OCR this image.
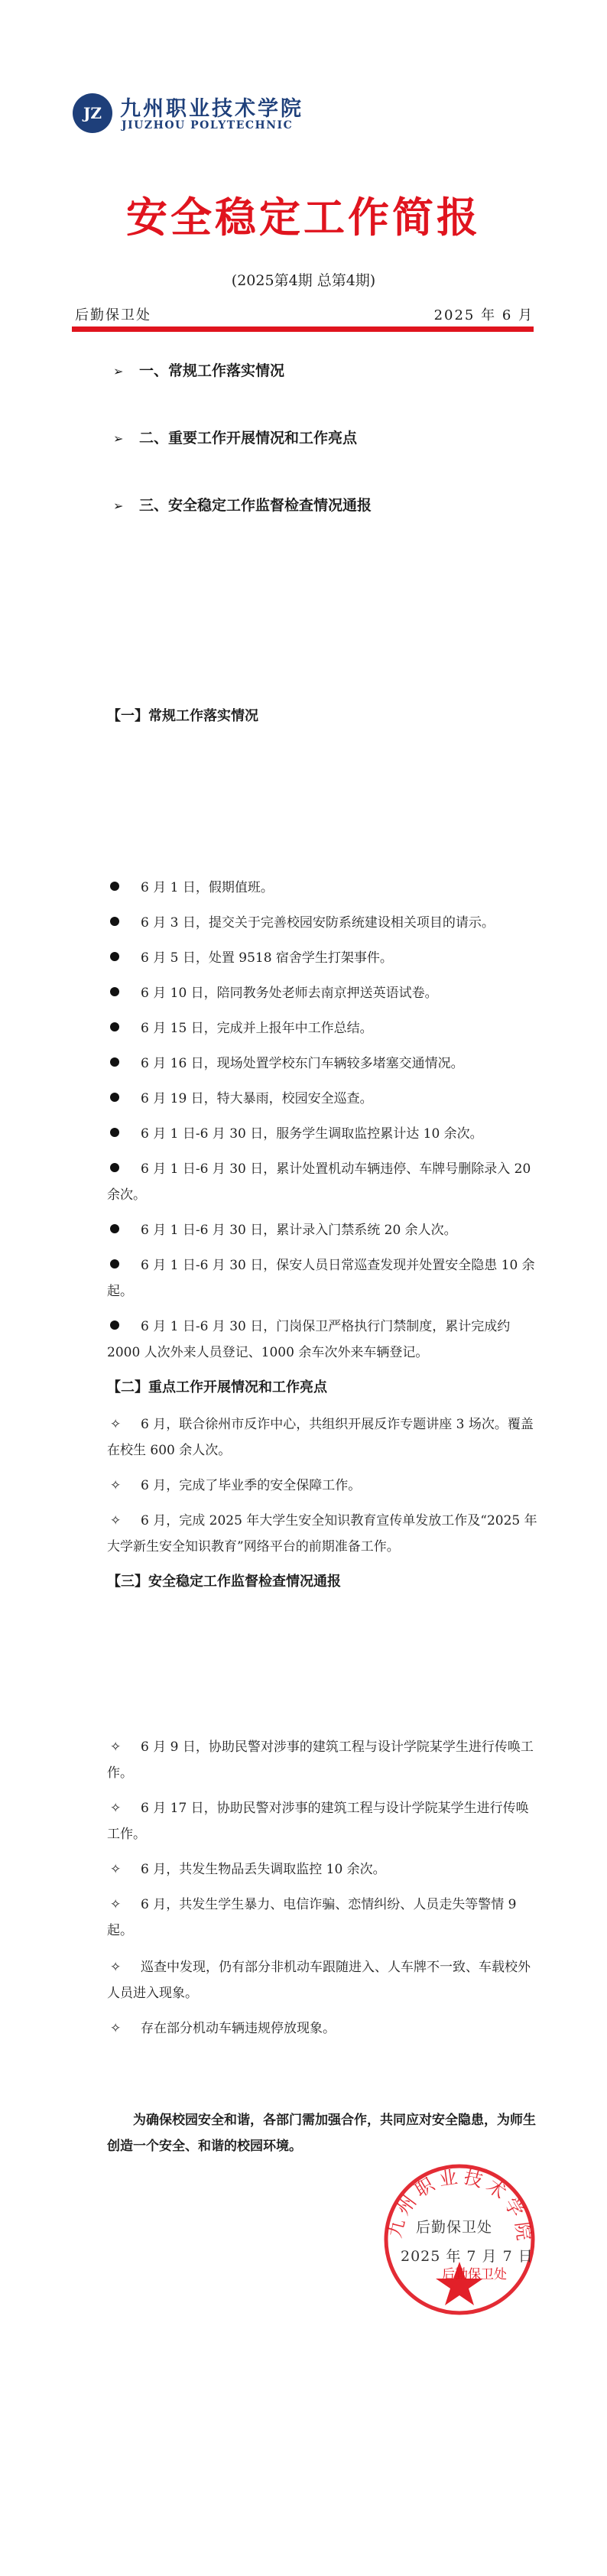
JZ 九州职业技术学院
JIUZHOU POLYTECHNIC
安全稳定工作简报
(2025第4期 总第4期)
后勤保卫处	2025 年 6 月
➢ 一、常规工作落实情况
➢ 二、重要工作开展情况和工作亮点
➢ 三、安全稳定工作监督检查情况通报
【一】常规工作落实情况
6 月 1 日，假期值班。
6 月 3 日，提交关于完善校园安防系统建设相关项目的请示。
6 月 5 日，处置 9518 宿舍学生打架事件。
6 月 10 日，陪同教务处老师去南京押送英语试卷。
6 月 15 日，完成并上报年中工作总结。
6 月 16 日，现场处置学校东门车辆较多堵塞交通情况。
6 月 19 日，特大暴雨，校园安全巡查。
6 月 1 日-6 月 30 日，服务学生调取监控累计达 10 余次。
6 月 1 日-6 月 30 日，累计处置机动车辆违停、车牌号删除录入 20 余次。
6 月 1 日-6 月 30 日，累计录入门禁系统 20 余人次。
6 月 1 日-6 月 30 日，保安人员日常巡查发现并处置安全隐患 10 余起。
6 月 1 日-6 月 30 日，门岗保卫严格执行门禁制度，累计完成约 2000 人次外来人员登记、1000 余车次外来车辆登记。
【二】重点工作开展情况和工作亮点
✧ 6 月，联合徐州市反诈中心，共组织开展反诈专题讲座 3 场次。覆盖在校生 600 余人次。
✧ 6 月，完成了毕业季的安全保障工作。
✧ 6 月，完成 2025 年大学生安全知识教育宣传单发放工作及“2025 年大学新生安全知识教育”网络平台的前期准备工作。
【三】安全稳定工作监督检查情况通报
✧ 6 月 9 日，协助民警对涉事的建筑工程与设计学院某学生进行传唤工作。
✧ 6 月 17 日，协助民警对涉事的建筑工程与设计学院某学生进行传唤工作。
✧ 6 月，共发生物品丢失调取监控 10 余次。
✧ 6 月，共发生学生暴力、电信诈骗、恋情纠纷、人员走失等警情 9 起。
✧ 巡查中发现，仍有部分非机动车跟随进入、人车牌不一致、车载校外人员进入现象。
✧ 存在部分机动车辆违规停放现象。
为确保校园安全和谐，各部门需加强合作，共同应对安全隐患，为师生创造一个安全、和谐的校园环境。
九州职业技术学院
后勤保卫处
2025 年 7 月 7 日
后勤保卫处
